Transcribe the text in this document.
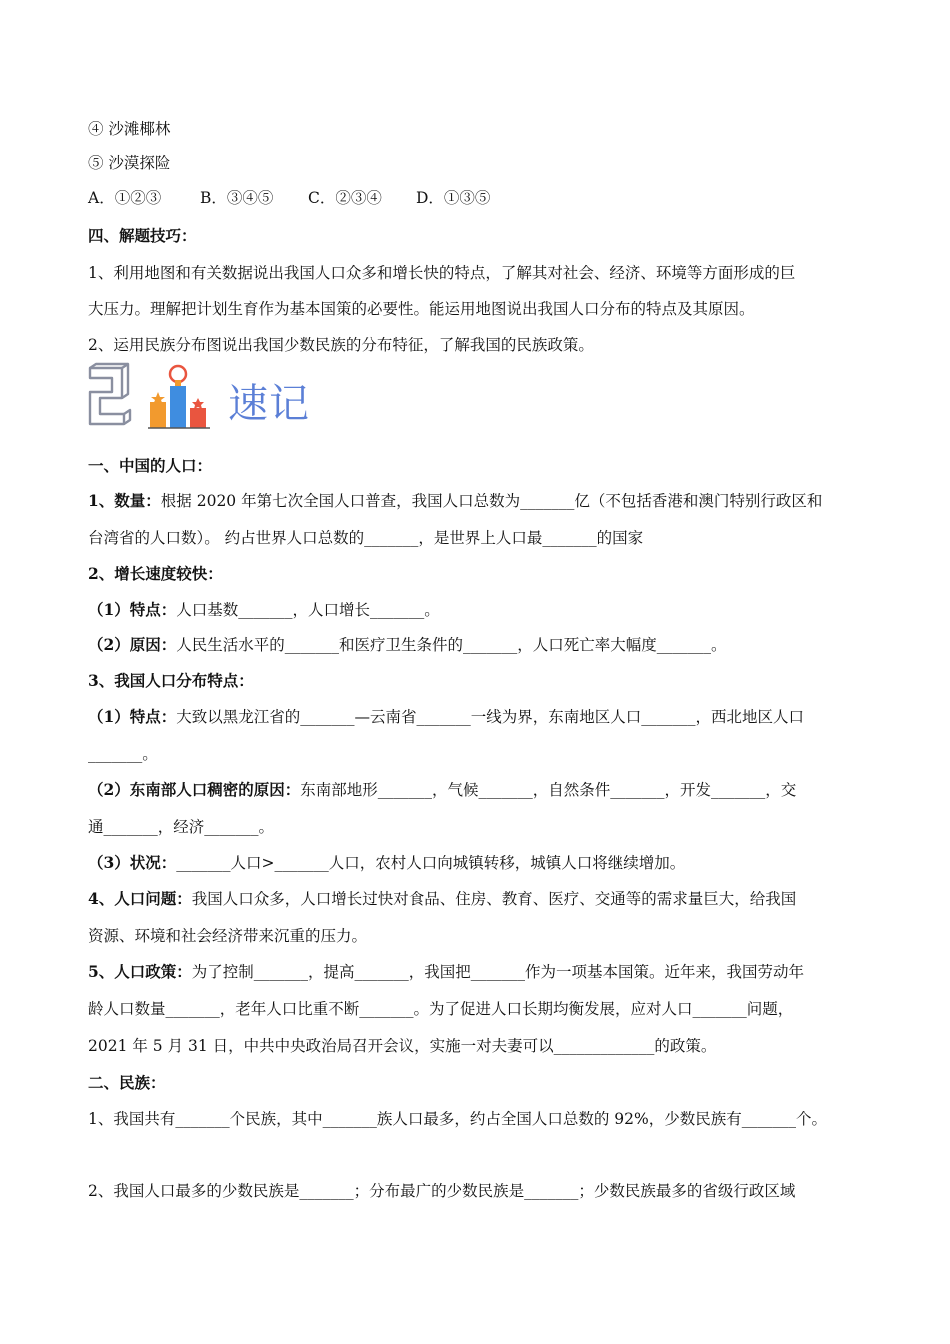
④ 沙滩椰林
⑤ 沙漠探险
A．①②③	B．③④⑤ C．②③④ D．①③⑤
四、解题技巧：
1、利用地图和有关数据说出我国人口众多和增长快的特点，了解其对社会、经济、环境等方面形成的巨
大压力。理解把计划生育作为基本国策的必要性。能运用地图说出我国人口分布的特点及其原因。
2、运用民族分布图说出我国少数民族的分布特征，了解我国的民族政策。
速记
一、中国的人口：
1、数量：根据 2020 年第七次全国人口普查，我国人口总数为_______亿（不包括香港和澳门特别行政区和
台湾省的人口数）。 约占世界人口总数的_______，是世界上人口最_______的国家
2、增长速度较快：
（1）特点：人口基数_______，人口增长_______。
（2）原因：人民生活水平的_______和医疗卫生条件的_______，人口死亡率大幅度_______。
3、我国人口分布特点：
（1）特点：大致以黑龙江省的_______—云南省_______一线为界，东南地区人口_______，西北地区人口
_______。
（2）东南部人口稠密的原因：东南部地形_______，气候_______，自然条件_______，开发_______，交
通_______，经济_______。
（3）状况：_______人口>_______人口，农村人口向城镇转移，城镇人口将继续增加。
4、人口问题：我国人口众多，人口增长过快对食品、住房、教育、医疗、交通等的需求量巨大，给我国
资源、环境和社会经济带来沉重的压力。
5、人口政策：为了控制_______，提高_______，我国把_______作为一项基本国策。近年来，我国劳动年
龄人口数量_______，老年人口比重不断_______。为了促进人口长期均衡发展，应对人口_______问题，
2021 年 5 月 31 日，中共中央政治局召开会议，实施一对夫妻可以_____________的政策。
二、民族：
1、我国共有_______个民族，其中_______族人口最多，约占全国人口总数的 92%，少数民族有_______个。
2、我国人口最多的少数民族是_______；分布最广的少数民族是_______；少数民族最多的省级行政区域
